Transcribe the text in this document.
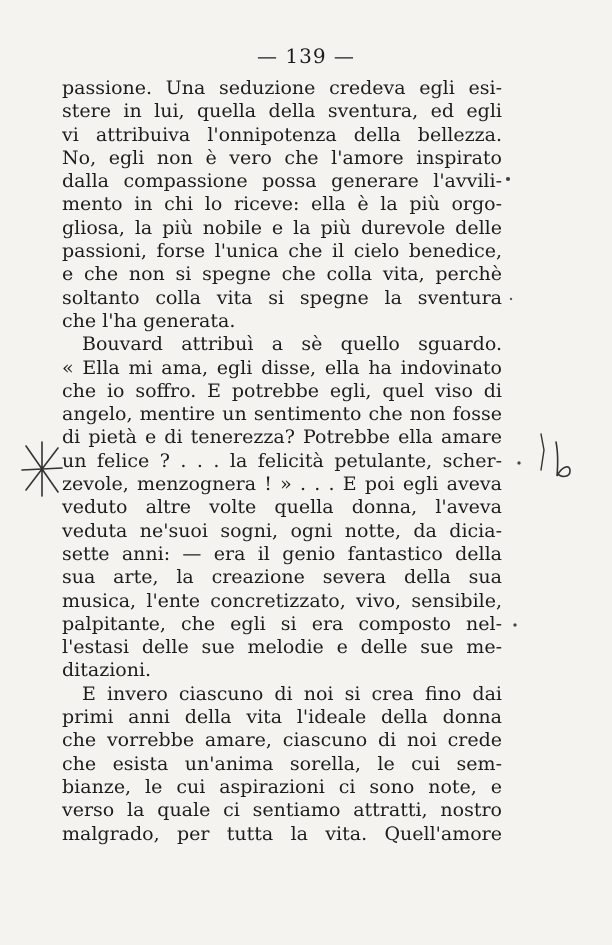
— 139 —
passione. Una seduzione credeva egli esi-
stere in lui, quella della sventura, ed egli
vi attribuiva l'onnipotenza della bellezza.
No, egli non è vero che l'amore inspirato
dalla compassione possa generare l'avvili-
mento in chi lo riceve: ella è la più orgo-
gliosa, la più nobile e la più durevole delle
passioni, forse l'unica che il cielo benedice,
e che non si spegne che colla vita, perchè
soltanto colla vita si spegne la sventura
che l'ha generata.
Bouvard attribuì a sè quello sguardo.
« Ella mi ama, egli disse, ella ha indovinato
che io soffro. E potrebbe egli, quel viso di
angelo, mentire un sentimento che non fosse
di pietà e di tenerezza? Potrebbe ella amare
un felice ? . . . la felicità petulante, scher-
zevole, menzognera ! » . . . E poi egli aveva
veduto altre volte quella donna, l'aveva
veduta ne'suoi sogni, ogni notte, da dicia-
sette anni: — era il genio fantastico della
sua arte, la creazione severa della sua
musica, l'ente concretizzato, vivo, sensibile,
palpitante, che egli si era composto nel-
l'estasi delle sue melodie e delle sue me-
ditazioni.
E invero ciascuno di noi si crea fino dai
primi anni della vita l'ideale della donna
che vorrebbe amare, ciascuno di noi crede
che esista un'anima sorella, le cui sem-
bianze, le cui aspirazioni ci sono note, e
verso la quale ci sentiamo attratti, nostro
malgrado, per tutta la vita. Quell'amore
